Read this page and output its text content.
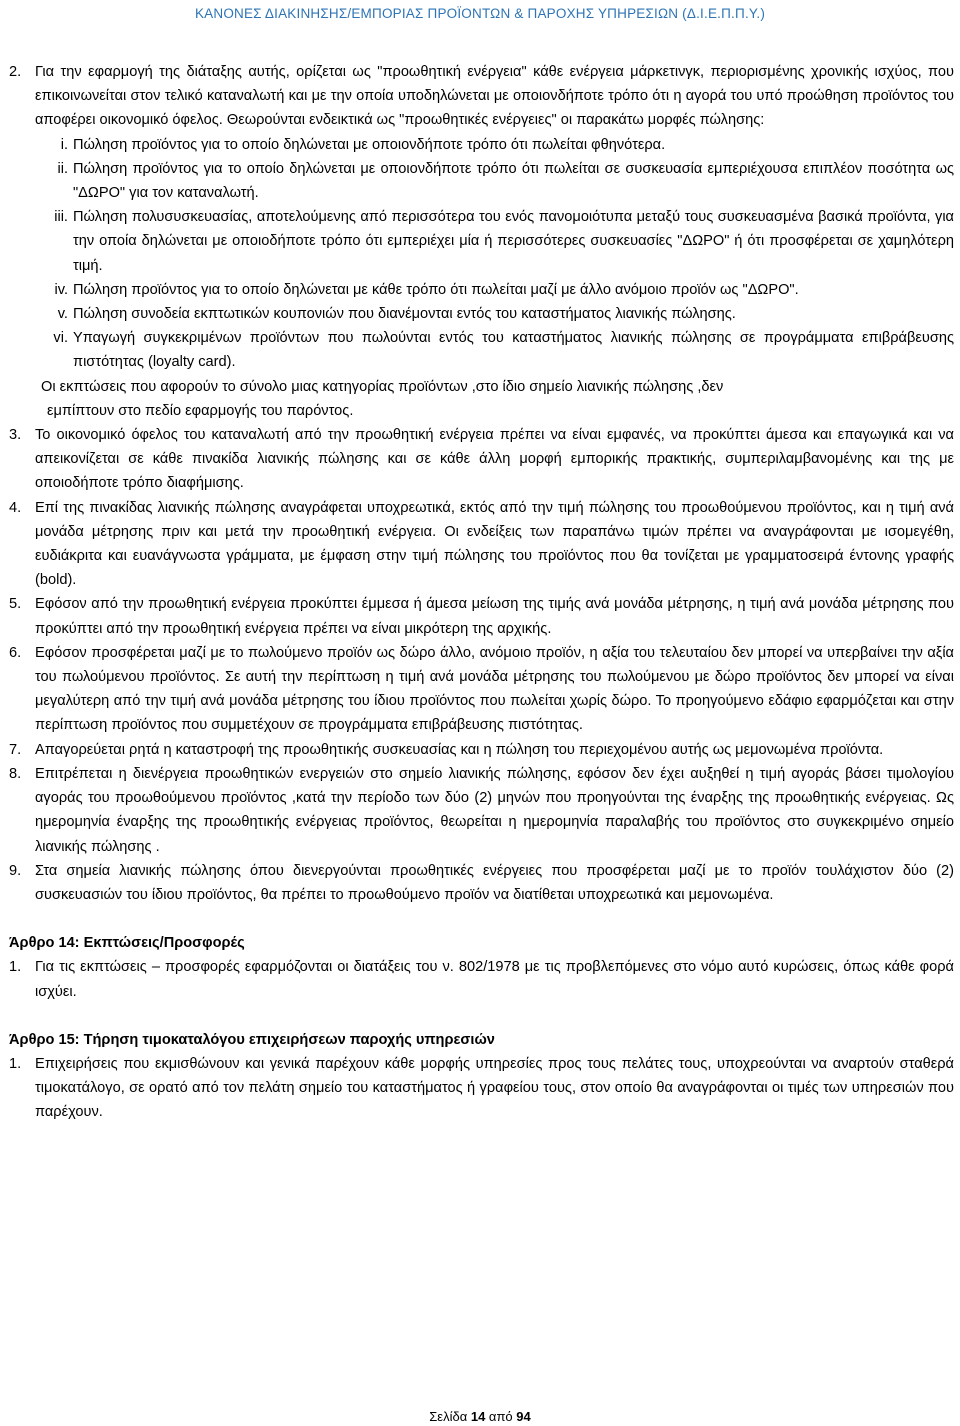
ΚΑΝΟΝΕΣ ΔΙΑΚΙΝΗΣΗΣ/ΕΜΠΟΡΙΑΣ ΠΡΟΪΟΝΤΩΝ & ΠΑΡΟΧΗΣ ΥΠΗΡΕΣΙΩΝ (Δ.Ι.Ε.Π.Π.Υ.)
2. Για την εφαρμογή της διάταξης αυτής, ορίζεται ως "προωθητική ενέργεια" κάθε ενέργεια μάρκετινγκ, περιορισμένης χρονικής ισχύος, που επικοινωνείται στον τελικό καταναλωτή και με την οποία υποδηλώνεται με οποιονδήποτε τρόπο ότι η αγορά του υπό προώθηση προϊόντος του αποφέρει οικονομικό όφελος. Θεωρούνται ενδεικτικά ως "προωθητικές ενέργειες" οι παρακάτω μορφές πώλησης:
i. Πώληση προϊόντος για το οποίο δηλώνεται με οποιονδήποτε τρόπο ότι πωλείται φθηνότερα.
ii. Πώληση προϊόντος για το οποίο δηλώνεται με οποιονδήποτε τρόπο ότι πωλείται σε συσκευασία εμπεριέχουσα επιπλέον ποσότητα ως "ΔΩΡΟ" για τον καταναλωτή.
iii. Πώληση πολυσυσκευασίας, αποτελούμενης από περισσότερα του ενός πανομοιότυπα μεταξύ τους συσκευασμένα βασικά προϊόντα, για την οποία δηλώνεται με οποιοδήποτε τρόπο ότι εμπεριέχει μία ή περισσότερες συσκευασίες "ΔΩΡΟ" ή ότι προσφέρεται σε χαμηλότερη τιμή.
iv. Πώληση προϊόντος για το οποίο δηλώνεται με κάθε τρόπο ότι πωλείται μαζί με άλλο ανόμοιο προϊόν ως "ΔΩΡΟ".
v. Πώληση συνοδεία εκπτωτικών κουπονιών που διανέμονται εντός του καταστήματος λιανικής πώλησης.
vi. Υπαγωγή συγκεκριμένων προϊόντων που πωλούνται εντός του καταστήματος λιανικής πώλησης σε προγράμματα επιβράβευσης πιστότητας (loyalty card).
Οι εκπτώσεις που αφορούν το σύνολο μιας κατηγορίας προϊόντων ,στο ίδιο σημείο λιανικής πώλησης ,δεν
εμπίπτουν στο πεδίο εφαρμογής του παρόντος.
3. Το οικονομικό όφελος του καταναλωτή από την προωθητική ενέργεια πρέπει να είναι εμφανές, να προκύπτει άμεσα και επαγωγικά και να απεικονίζεται σε κάθε πινακίδα λιανικής πώλησης και σε κάθε άλλη μορφή εμπορικής πρακτικής, συμπεριλαμβανομένης και της με οποιοδήποτε τρόπο διαφήμισης.
4. Επί της πινακίδας λιανικής πώλησης αναγράφεται υποχρεωτικά, εκτός από την τιμή πώλησης του προωθούμενου προϊόντος, και η τιμή ανά μονάδα μέτρησης πριν και μετά την προωθητική ενέργεια. Οι ενδείξεις των παραπάνω τιμών πρέπει να αναγράφονται με ισομεγέθη, ευδιάκριτα και ευανάγνωστα γράμματα, με έμφαση στην τιμή πώλησης του προϊόντος που θα τονίζεται με γραμματοσειρά έντονης γραφής (bold).
5. Εφόσον από την προωθητική ενέργεια προκύπτει έμμεσα ή άμεσα μείωση της τιμής ανά μονάδα μέτρησης, η τιμή ανά μονάδα μέτρησης που προκύπτει από την προωθητική ενέργεια πρέπει να είναι μικρότερη της αρχικής.
6. Εφόσον προσφέρεται μαζί με το πωλούμενο προϊόν ως δώρο άλλο, ανόμοιο προϊόν, η αξία του τελευταίου δεν μπορεί να υπερβαίνει την αξία του πωλούμενου προϊόντος. Σε αυτή την περίπτωση η τιμή ανά μονάδα μέτρησης του πωλούμενου με δώρο προϊόντος δεν μπορεί να είναι μεγαλύτερη από την τιμή ανά μονάδα μέτρησης του ίδιου προϊόντος που πωλείται χωρίς δώρο. Το προηγούμενο εδάφιο εφαρμόζεται και στην περίπτωση προϊόντος που συμμετέχουν σε προγράμματα επιβράβευσης πιστότητας.
7. Απαγορεύεται ρητά η καταστροφή της προωθητικής συσκευασίας και η πώληση του περιεχομένου αυτής ως μεμονωμένα προϊόντα.
8. Επιτρέπεται η διενέργεια προωθητικών ενεργειών στο σημείο λιανικής πώλησης, εφόσον δεν έχει αυξηθεί η τιμή αγοράς βάσει τιμολογίου αγοράς του προωθούμενου προϊόντος ,κατά την περίοδο των δύο (2) μηνών που προηγούνται της έναρξης της προωθητικής ενέργειας. Ως ημερομηνία έναρξης της προωθητικής ενέργειας προϊόντος, θεωρείται η ημερομηνία παραλαβής του προϊόντος στο συγκεκριμένο σημείο λιανικής πώλησης .
9. Στα σημεία λιανικής πώλησης όπου διενεργούνται προωθητικές ενέργειες που προσφέρεται μαζί με το προϊόν τουλάχιστον δύο (2) συσκευασιών του ίδιου προϊόντος, θα πρέπει το προωθούμενο προϊόν να διατίθεται υποχρεωτικά και μεμονωμένα.
Άρθρο 14: Εκπτώσεις/Προσφορές
1. Για τις εκπτώσεις – προσφορές εφαρμόζονται οι διατάξεις του ν. 802/1978 με τις προβλεπόμενες στο νόμο αυτό κυρώσεις, όπως κάθε φορά ισχύει.
Άρθρο 15: Τήρηση τιμοκαταλόγου επιχειρήσεων παροχής υπηρεσιών
1. Επιχειρήσεις που εκμισθώνουν και γενικά παρέχουν κάθε μορφής υπηρεσίες προς τους πελάτες τους, υποχρεούνται να αναρτούν σταθερά τιμοκατάλογο, σε ορατό από τον πελάτη σημείο του καταστήματος ή γραφείου τους, στον οποίο θα αναγράφονται οι τιμές των υπηρεσιών που παρέχουν.
Σελίδα 14 από 94
